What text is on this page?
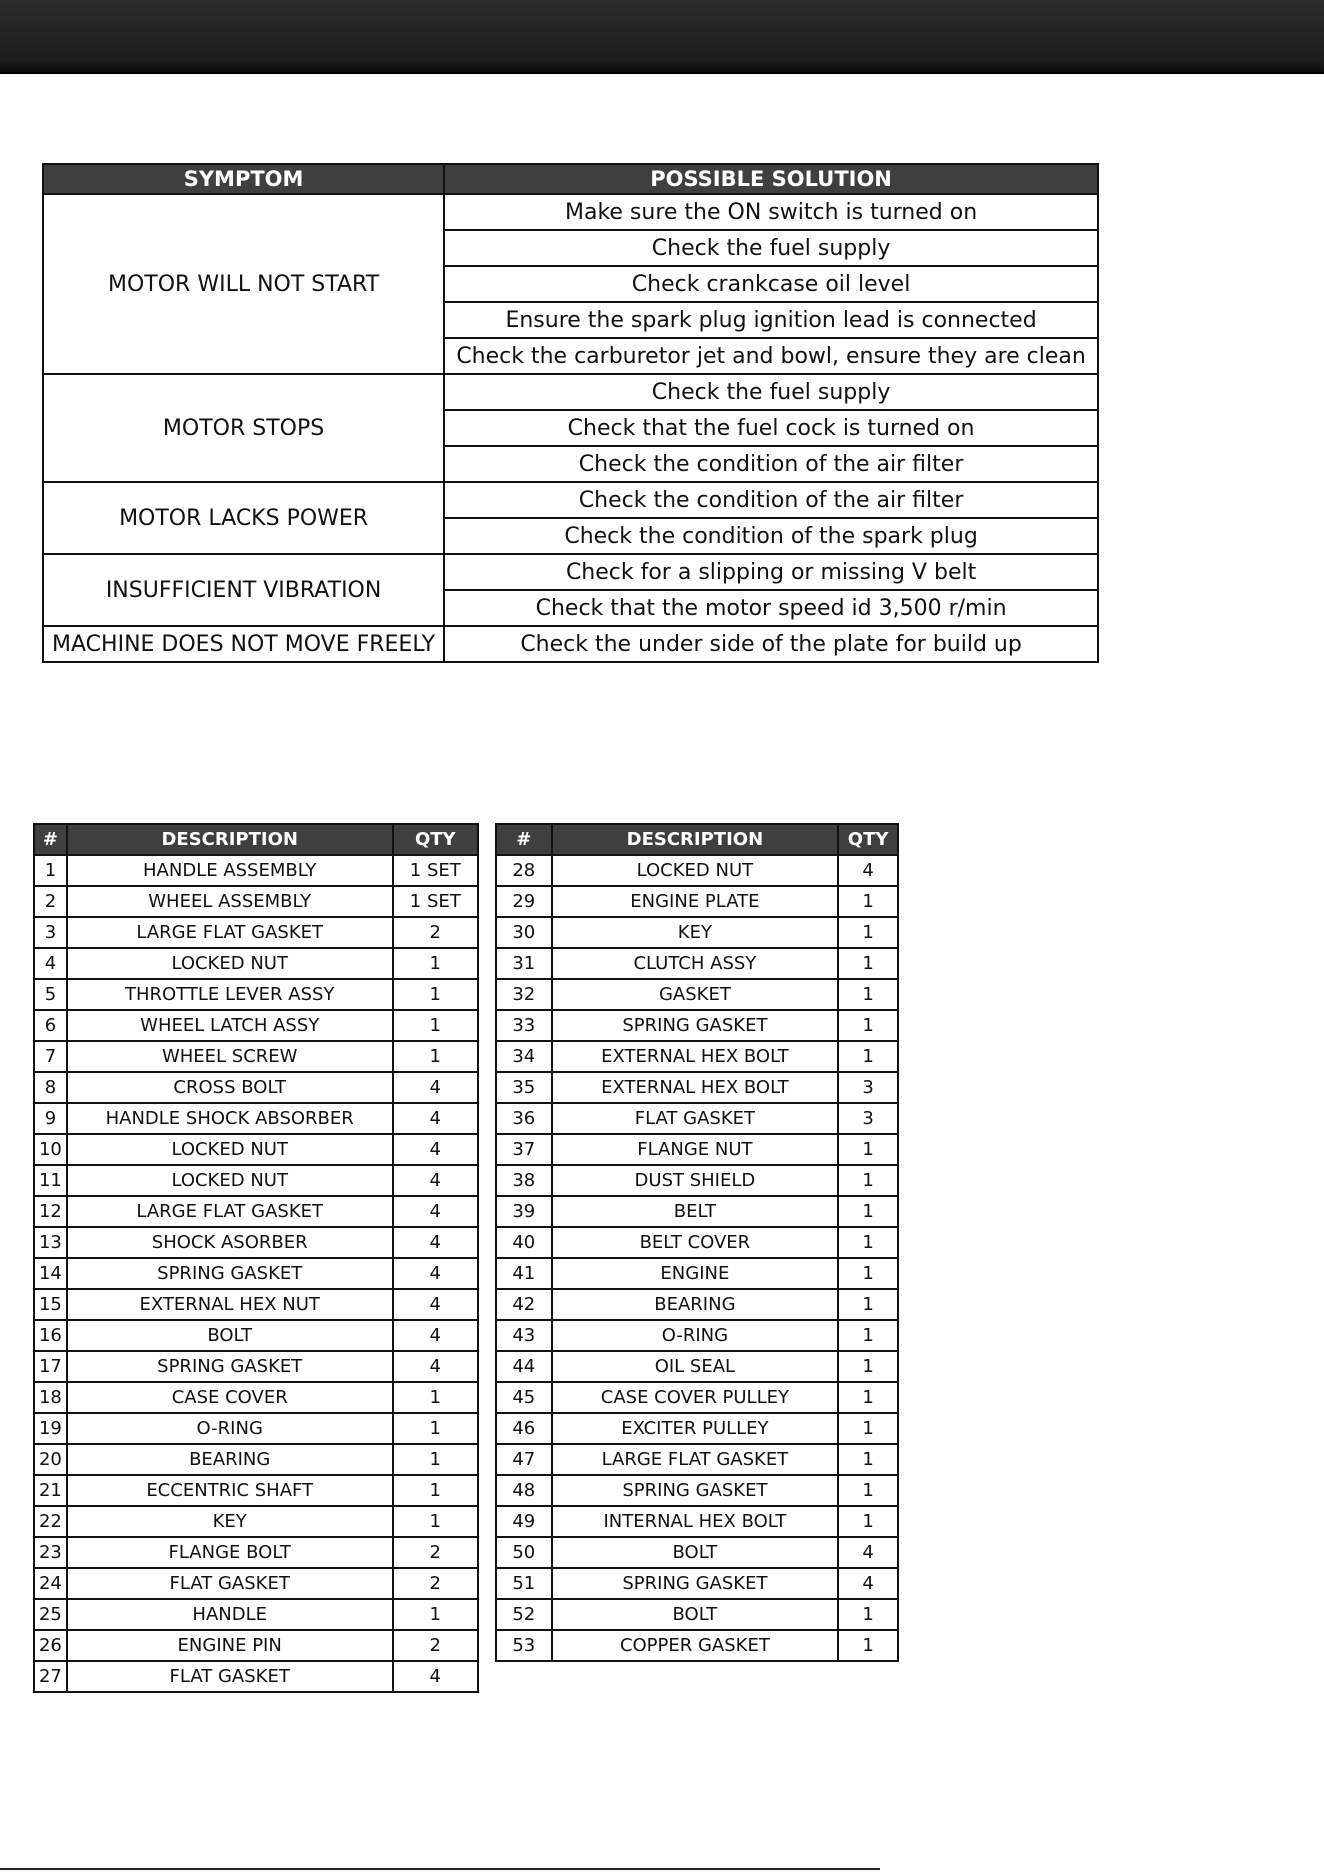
SYMPTOM	POSSIBLE SOLUTION
MOTOR WILL NOT START	Make sure the ON switch is turned on
	Check the fuel supply
	Check crankcase oil level
	Ensure the spark plug ignition lead is connected
	Check the carburetor jet and bowl, ensure they are clean
MOTOR STOPS	Check the fuel supply
	Check that the fuel cock is turned on
	Check the condition of the air filter
MOTOR LACKS POWER	Check the condition of the air filter
	Check the condition of the spark plug
INSUFFICIENT VIBRATION	Check for a slipping or missing V belt
	Check that the motor speed id 3,500 r/min
MACHINE DOES NOT MOVE FREELY	Check the under side of the plate for build up
#	DESCRIPTION	QTY
1	HANDLE ASSEMBLY	1 SET
2	WHEEL ASSEMBLY	1 SET
3	LARGE FLAT GASKET	2
4	LOCKED NUT	1
5	THROTTLE LEVER ASSY	1
6	WHEEL LATCH ASSY	1
7	WHEEL SCREW	1
8	CROSS BOLT	4
9	HANDLE SHOCK ABSORBER	4
10	LOCKED NUT	4
11	LOCKED NUT	4
12	LARGE FLAT GASKET	4
13	SHOCK ASORBER	4
14	SPRING GASKET	4
15	EXTERNAL HEX NUT	4
16	BOLT	4
17	SPRING GASKET	4
18	CASE COVER	1
19	O-RING	1
20	BEARING	1
21	ECCENTRIC SHAFT	1
22	KEY	1
23	FLANGE BOLT	2
24	FLAT GASKET	2
25	HANDLE	1
26	ENGINE PIN	2
27	FLAT GASKET	4
#	DESCRIPTION	QTY
28	LOCKED NUT	4
29	ENGINE PLATE	1
30	KEY	1
31	CLUTCH ASSY	1
32	GASKET	1
33	SPRING GASKET	1
34	EXTERNAL HEX BOLT	1
35	EXTERNAL HEX BOLT	3
36	FLAT GASKET	3
37	FLANGE NUT	1
38	DUST SHIELD	1
39	BELT	1
40	BELT COVER	1
41	ENGINE	1
42	BEARING	1
43	O-RING	1
44	OIL SEAL	1
45	CASE COVER PULLEY	1
46	EXCITER PULLEY	1
47	LARGE FLAT GASKET	1
48	SPRING GASKET	1
49	INTERNAL HEX BOLT	1
50	BOLT	4
51	SPRING GASKET	4
52	BOLT	1
53	COPPER GASKET	1
